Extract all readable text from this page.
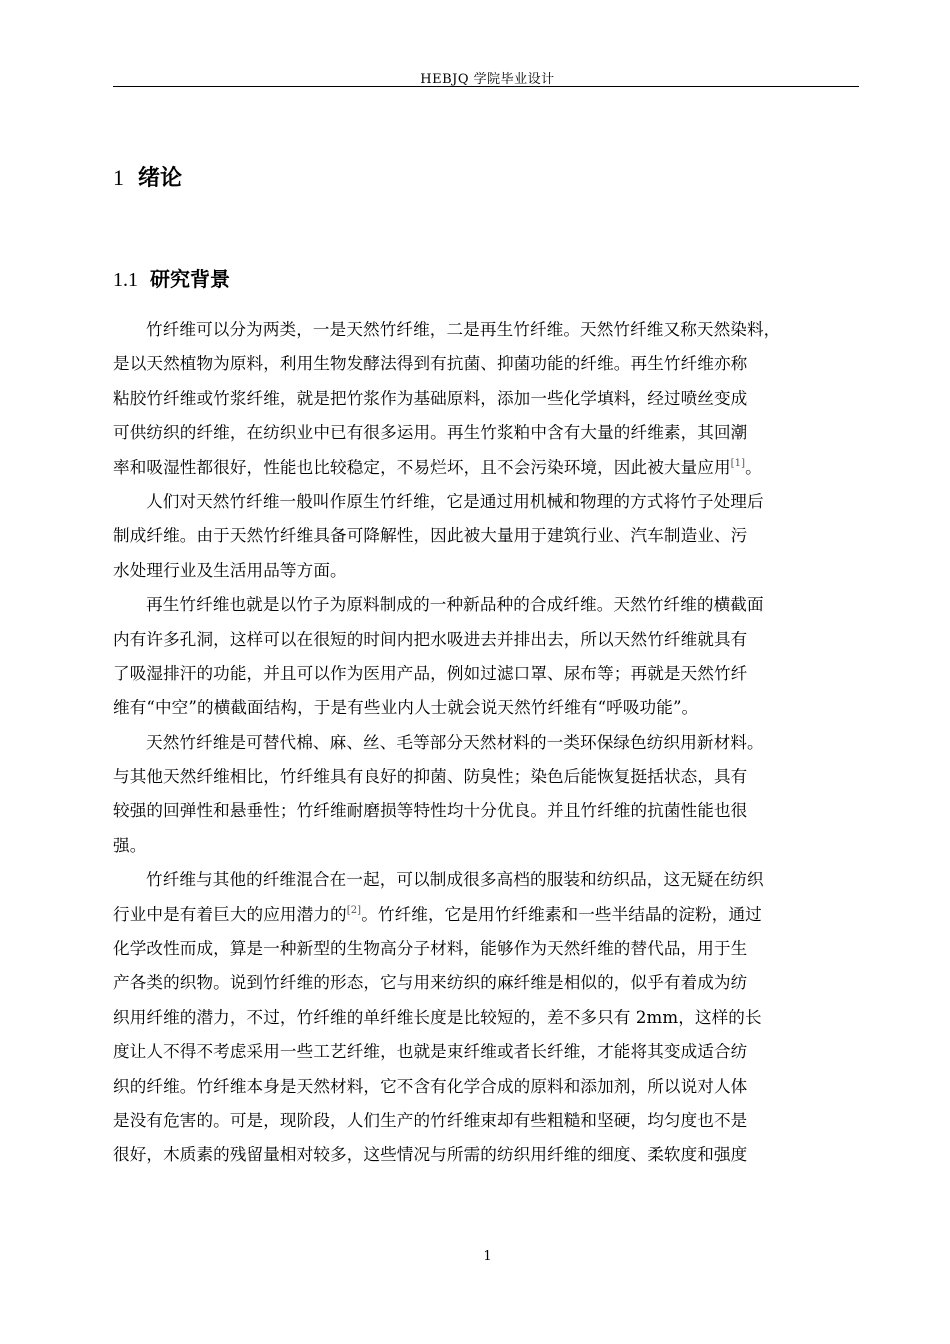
HEBJQ 学院毕业设计
1 绪论
1.1 研究背景
竹纤维可以分为两类，一是天然竹纤维，二是再生竹纤维。天然竹纤维又称天然染料，
是以天然植物为原料，利用生物发酵法得到有抗菌、抑菌功能的纤维。再生竹纤维亦称
粘胶竹纤维或竹浆纤维，就是把竹浆作为基础原料，添加一些化学填料，经过喷丝变成
可供纺织的纤维，在纺织业中已有很多运用。再生竹浆粕中含有大量的纤维素，其回潮
率和吸湿性都很好，性能也比较稳定，不易烂坏，且不会污染环境，因此被大量应用[1]。
人们对天然竹纤维一般叫作原生竹纤维，它是通过用机械和物理的方式将竹子处理后
制成纤维。由于天然竹纤维具备可降解性，因此被大量用于建筑行业、汽车制造业、污
水处理行业及生活用品等方面。
再生竹纤维也就是以竹子为原料制成的一种新品种的合成纤维。天然竹纤维的横截面
内有许多孔洞，这样可以在很短的时间内把水吸进去并排出去，所以天然竹纤维就具有
了吸湿排汗的功能，并且可以作为医用产品，例如过滤口罩、尿布等；再就是天然竹纤
维有“中空”的横截面结构，于是有些业内人士就会说天然竹纤维有“呼吸功能”。
天然竹纤维是可替代棉、麻、丝、毛等部分天然材料的一类环保绿色纺织用新材料。
与其他天然纤维相比，竹纤维具有良好的抑菌、防臭性；染色后能恢复挺括状态，具有
较强的回弹性和悬垂性；竹纤维耐磨损等特性均十分优良。并且竹纤维的抗菌性能也很
强。
竹纤维与其他的纤维混合在一起，可以制成很多高档的服装和纺织品，这无疑在纺织
行业中是有着巨大的应用潜力的[2]。竹纤维，它是用竹纤维素和一些半结晶的淀粉，通过
化学改性而成，算是一种新型的生物高分子材料，能够作为天然纤维的替代品，用于生
产各类的织物。说到竹纤维的形态，它与用来纺织的麻纤维是相似的，似乎有着成为纺
织用纤维的潜力，不过，竹纤维的单纤维长度是比较短的，差不多只有 2mm，这样的长
度让人不得不考虑采用一些工艺纤维，也就是束纤维或者长纤维，才能将其变成适合纺
织的纤维。竹纤维本身是天然材料，它不含有化学合成的原料和添加剂，所以说对人体
是没有危害的。可是，现阶段，人们生产的竹纤维束却有些粗糙和坚硬，均匀度也不是
很好，木质素的残留量相对较多，这些情况与所需的纺织用纤维的细度、柔软度和强度
1
